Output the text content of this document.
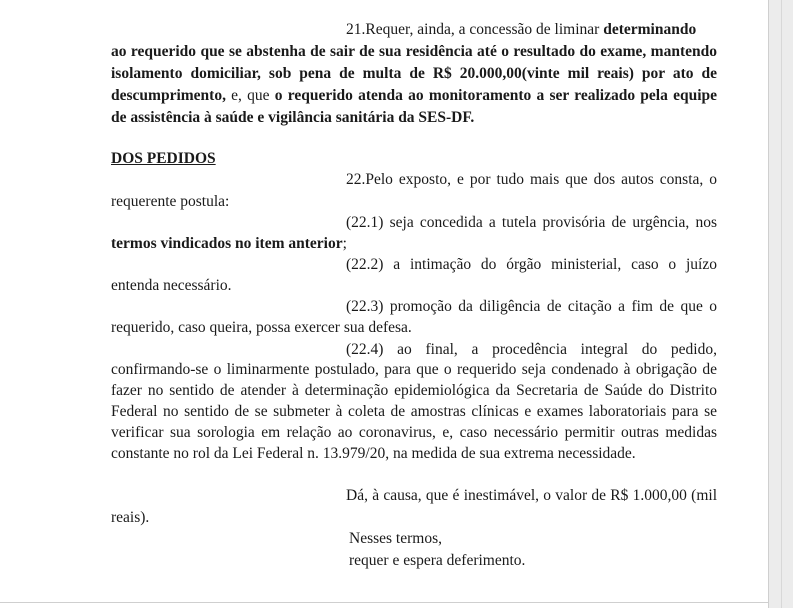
21.Requer, ainda, a concessão de liminar determinando
ao requerido que se abstenha de sair de sua residência até o resultado do exame, mantendo
isolamento domiciliar, sob pena de multa de R$ 20.000,00(vinte mil reais) por ato de
descumprimento, e, que o requerido atenda ao monitoramento a ser realizado pela equipe
de assistência à saúde e vigilância sanitária da SES-DF.
DOS PEDIDOS
22.Pelo exposto, e por tudo mais que dos autos consta, o
requerente postula:
(22.1) seja concedida a tutela provisória de urgência, nos
termos vindicados no item anterior;
(22.2) a intimação do órgão ministerial, caso o juízo
entenda necessário.
(22.3) promoção da diligência de citação a fim de que o
requerido, caso queira, possa exercer sua defesa.
(22.4) ao final, a procedência integral do pedido,
confirmando-se o liminarmente postulado, para que o requerido seja condenado à obrigação de
fazer no sentido de atender à determinação epidemiológica da Secretaria de Saúde do Distrito
Federal no sentido de se submeter à coleta de amostras clínicas e exames laboratoriais para se
verificar sua sorologia em relação ao coronavirus, e, caso necessário permitir outras medidas
constante no rol da Lei Federal n. 13.979/20, na medida de sua extrema necessidade.
Dá, à causa, que é inestimável, o valor de R$ 1.000,00 (mil
reais).
Nesses termos,
requer e espera deferimento.
